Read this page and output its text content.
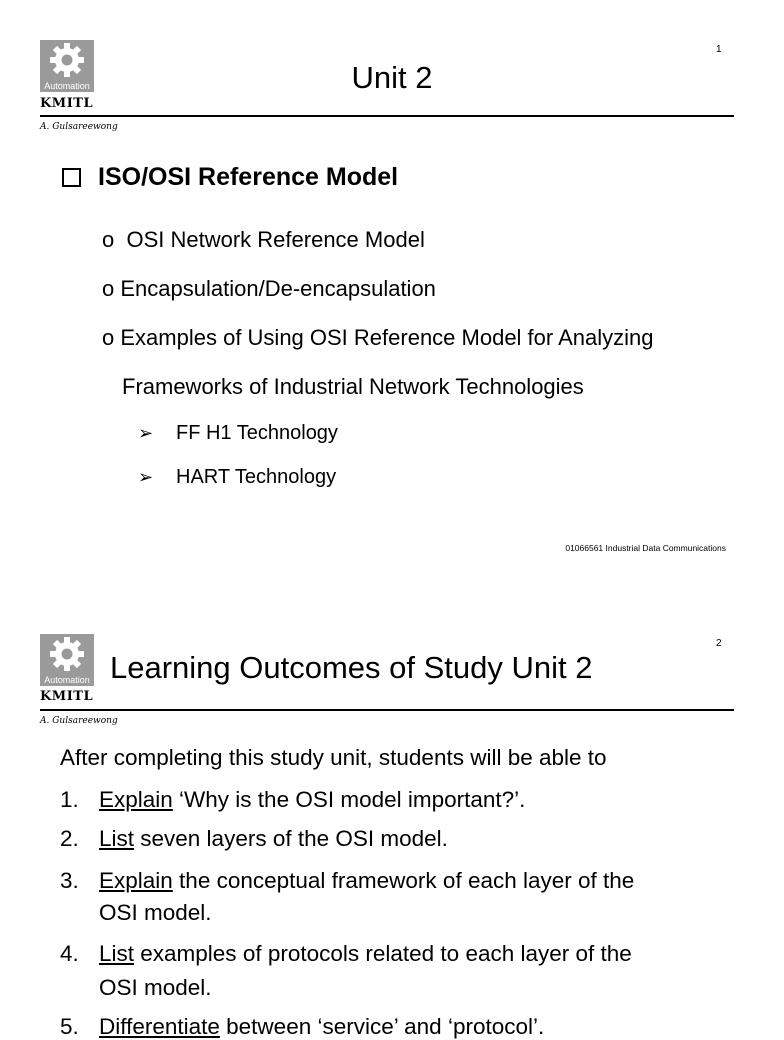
Automation
KMITL
1
Unit 2
A. Gulsareewong
ISO/OSI Reference Model
o OSI Network Reference Model
o Encapsulation/De-encapsulation
o Examples of Using OSI Reference Model for Analyzing
Frameworks of Industrial Network Technologies
➢ FF H1 Technology
➢ HART Technology
01066561 Industrial Data Communications
Automation
KMITL
2
Learning Outcomes of Study Unit 2
A. Gulsareewong
After completing this study unit, students will be able to
1. Explain ‘Why is the OSI model important?’.
2. List seven layers of the OSI model.
3. Explain the conceptual framework of each layer of the
OSI model.
4. List examples of protocols related to each layer of the
OSI model.
5. Differentiate between ‘service’ and ‘protocol’.
